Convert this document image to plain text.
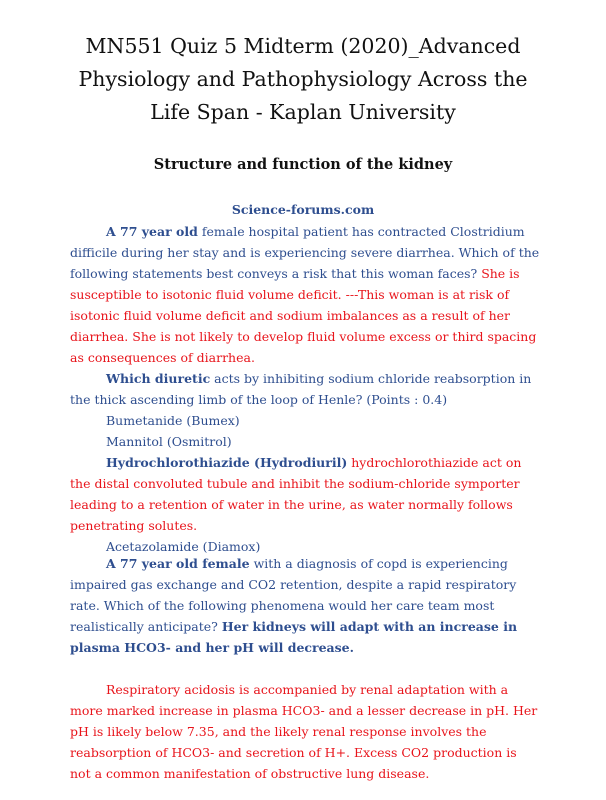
MN551 Quiz 5 Midterm (2020)_Advanced Physiology and Pathophysiology Across the Life Span - Kaplan University
Structure and function of the kidney
Science-forums.com

A 77 year old female hospital patient has contracted Clostridium difficile during her stay and is experiencing severe diarrhea. Which of the following statements best conveys a risk that this woman faces? She is susceptible to isotonic fluid volume deficit. ---This woman is at risk of isotonic fluid volume deficit and sodium imbalances as a result of her diarrhea. She is not likely to develop fluid volume excess or third spacing as consequences of diarrhea.

Which diuretic acts by inhibiting sodium chloride reabsorption in the thick ascending limb of the loop of Henle? (Points : 0.4)

Bumetanide (Bumex)

Mannitol (Osmitrol)

Hydrochlorothiazide (Hydrodiuril) hydrochlorothiazide act on the distal convoluted tubule and inhibit the sodium-chloride symporter leading to a retention of water in the urine, as water normally follows penetrating solutes.

Acetazolamide (Diamox)

A 77 year old female with a diagnosis of copd is experiencing impaired gas exchange and CO2 retention, despite a rapid respiratory rate. Which of the following phenomena would her care team most realistically anticipate? Her kidneys will adapt with an increase in plasma HCO3- and her pH will decrease.

Respiratory acidosis is accompanied by renal adaptation with a more marked increase in plasma HCO3- and a lesser decrease in pH. Her pH is likely below 7.35, and the likely renal response involves the reabsorption of HCO3- and secretion of H+. Excess CO2 production is not a common manifestation of obstructive lung disease.
